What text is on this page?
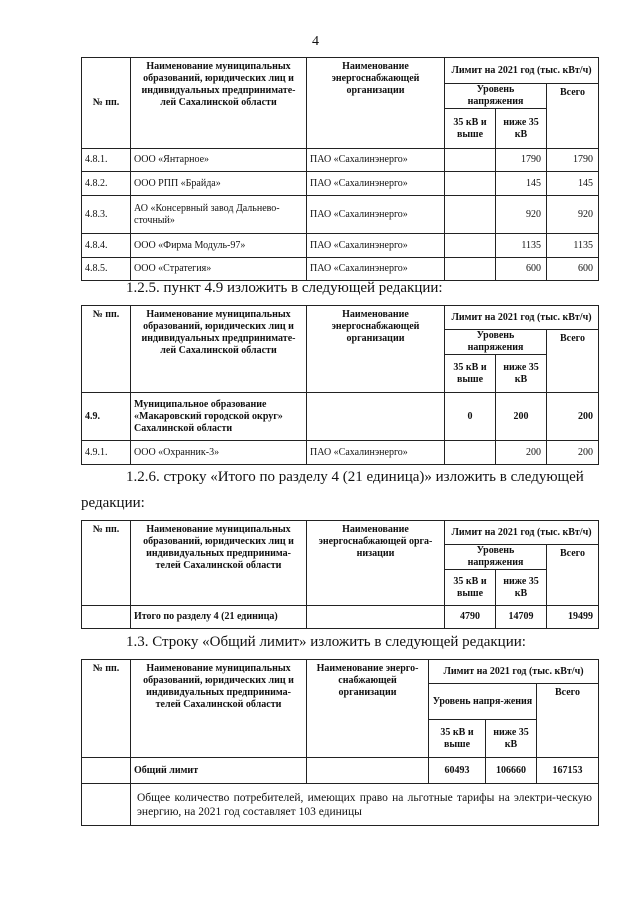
4
№ пп.	Наименование муниципальных образований, юридических лиц и индивидуальных предпринимате-лей Сахалинской области	Наименование энергоснабжающей организации	Лимит на 2021 год (тыс. кВт/ч)		
			Уровень напряжения		Всего
			35 кВ и выше	ниже 35 кВ	
4.8.1.	ООО «Янтарное»	ПАО «Сахалинэнерго»		1790	1790
4.8.2.	ООО РПП «Брайда»	ПАО «Сахалинэнерго»		145	145
4.8.3.	АО «Консервный завод Дальнево-сточный»	ПАО «Сахалинэнерго»		920	920
4.8.4.	ООО «Фирма Модуль-97»	ПАО «Сахалинэнерго»		1135	1135
4.8.5.	ООО «Стратегия»	ПАО «Сахалинэнерго»		600	600
1.2.5. пункт 4.9 изложить в следующей редакции:
№ пп.	Наименование муниципальных образований, юридических лиц и индивидуальных предпринимате-лей Сахалинской области	Наименование энергоснабжающей организации	Лимит на 2021 год (тыс. кВт/ч)		
			Уровень напряжения		Всего
			35 кВ и выше	ниже 35 кВ	
4.9.	Муниципальное образование «Макаровский городской округ» Сахалинской области		0	200	200
4.9.1.	ООО «Охранник-3»	ПАО «Сахалинэнерго»		200	200
1.2.6. строку «Итого по разделу 4 (21 единица)» изложить в следующей
редакции:
№ пп.	Наименование муниципальных образований, юридических лиц и индивидуальных предпринима-телей Сахалинской области	Наименование энергоснабжающей орга-низации	Лимит на 2021 год (тыс. кВт/ч)		
			Уровень напряжения		Всего
			35 кВ и выше	ниже 35 кВ	
	Итого по разделу 4 (21 единица)		4790	14709	19499
1.3. Строку «Общий лимит» изложить в следующей редакции:
№ пп.	Наименование муниципальных образований, юридических лиц и индивидуальных предпринима-телей Сахалинской области	Наименование энерго-снабжающей организации	Лимит на 2021 год (тыс. кВт/ч)		
			Уровень напря-жения		Всего
			35 кВ и выше	ниже 35 кВ	
	Общий лимит		60493	106660	167153
	Общее количество потребителей, имеющих право на льготные тарифы на электри-ческую энергию, на 2021 год составляет 103 единицы				
